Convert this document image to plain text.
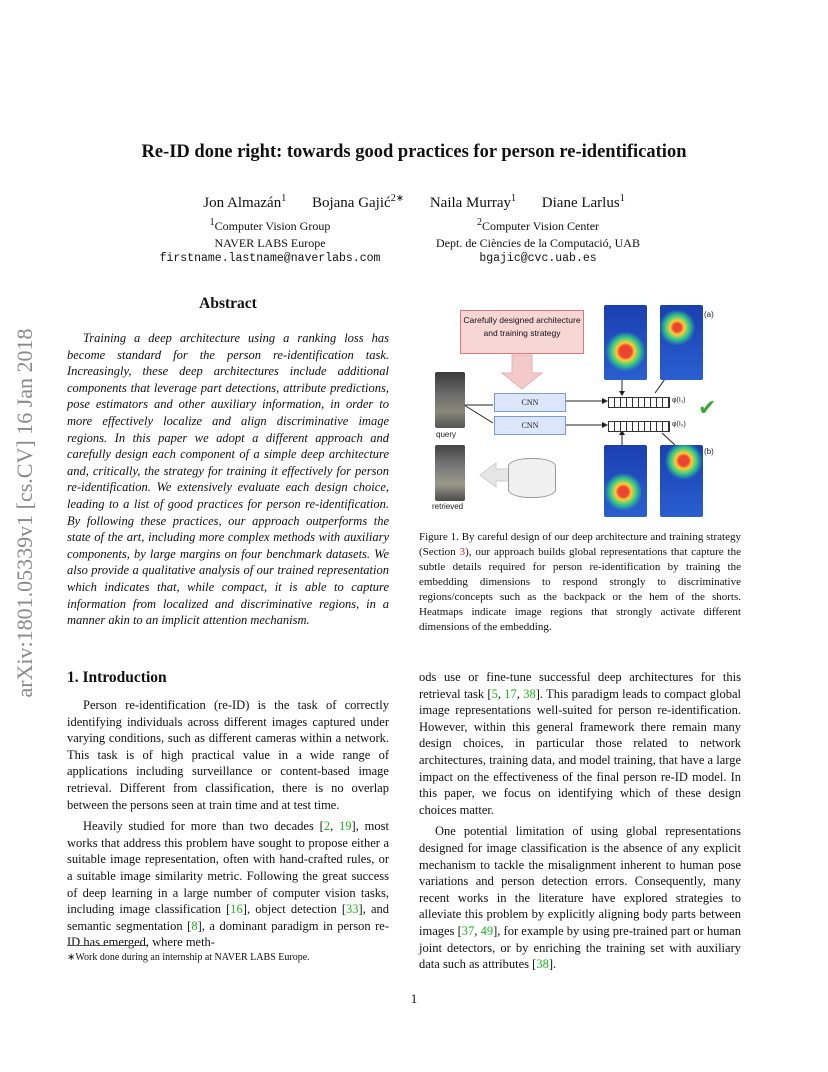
arXiv:1801.05339v1 [cs.CV] 16 Jan 2018
Re-ID done right: towards good practices for person re-identification
Jon Almazán$^1$ Bojana Gajić$^{2∗}$ Naila Murray$^1$ Diane Larlus$^1$
$^1$Computer Vision Group
NAVER LABS Europe
firstname.lastname@naverlabs.com
$^2$Computer Vision Center
Dept. de Ciències de la Computació, UAB
bgajic@cvc.uab.es
Abstract
Training a deep architecture using a ranking loss has become standard for the person re-identification task. Increasingly, these deep architectures include additional components that leverage part detections, attribute predictions, pose estimators and other auxiliary information, in order to more effectively localize and align discriminative image regions. In this paper we adopt a different approach and carefully design each component of a simple deep architecture and, critically, the strategy for training it effectively for person re-identification. We extensively evaluate each design choice, leading to a list of good practices for person re-identification. By following these practices, our approach outperforms the state of the art, including more complex methods with auxiliary components, by large margins on four benchmark datasets. We also provide a qualitative analysis of our trained representation which indicates that, while compact, it is able to capture information from localized and discriminative regions, in a manner akin to an implicit attention mechanism.
Carefully designed architecture and training strategy
CNN
CNN
query
retrieved
(a)
(b)
φ(I₁)
φ(I₂)
✔
Figure 1. By careful design of our deep architecture and training strategy (Section 3), our approach builds global representations that capture the subtle details required for person re-identification by training the embedding dimensions to respond strongly to discriminative regions/concepts such as the backpack or the hem of the shorts. Heatmaps indicate image regions that strongly activate different dimensions of the embedding.
1. Introduction

Person re-identification (re-ID) is the task of correctly identifying individuals across different images captured under varying conditions, such as different cameras within a network. This task is of high practical value in a wide range of applications including surveillance or content-based image retrieval. Different from classification, there is no overlap between the persons seen at train time and at test time.

Heavily studied for more than two decades [2, 19], most works that address this problem have sought to propose either a suitable image representation, often with hand-crafted rules, or a suitable image similarity metric. Following the great success of deep learning in a large number of computer vision tasks, including image classification [16], object detection [33], and semantic segmentation [8], a dominant paradigm in person re-ID has emerged, where meth-

ods use or fine-tune successful deep architectures for this retrieval task [5, 17, 38]. This paradigm leads to compact global image representations well-suited for person re-identification. However, within this general framework there remain many design choices, in particular those related to network architectures, training data, and model training, that have a large impact on the effectiveness of the final person re-ID model. In this paper, we focus on identifying which of these design choices matter.

One potential limitation of using global representations designed for image classification is the absence of any explicit mechanism to tackle the misalignment inherent to human pose variations and person detection errors. Consequently, many recent works in the literature have explored strategies to alleviate this problem by explicitly aligning body parts between images [37, 49], for example by using pre-trained part or human joint detectors, or by enriching the training set with auxiliary data such as attributes [38].

∗Work done during an internship at NAVER LABS Europe.
1
